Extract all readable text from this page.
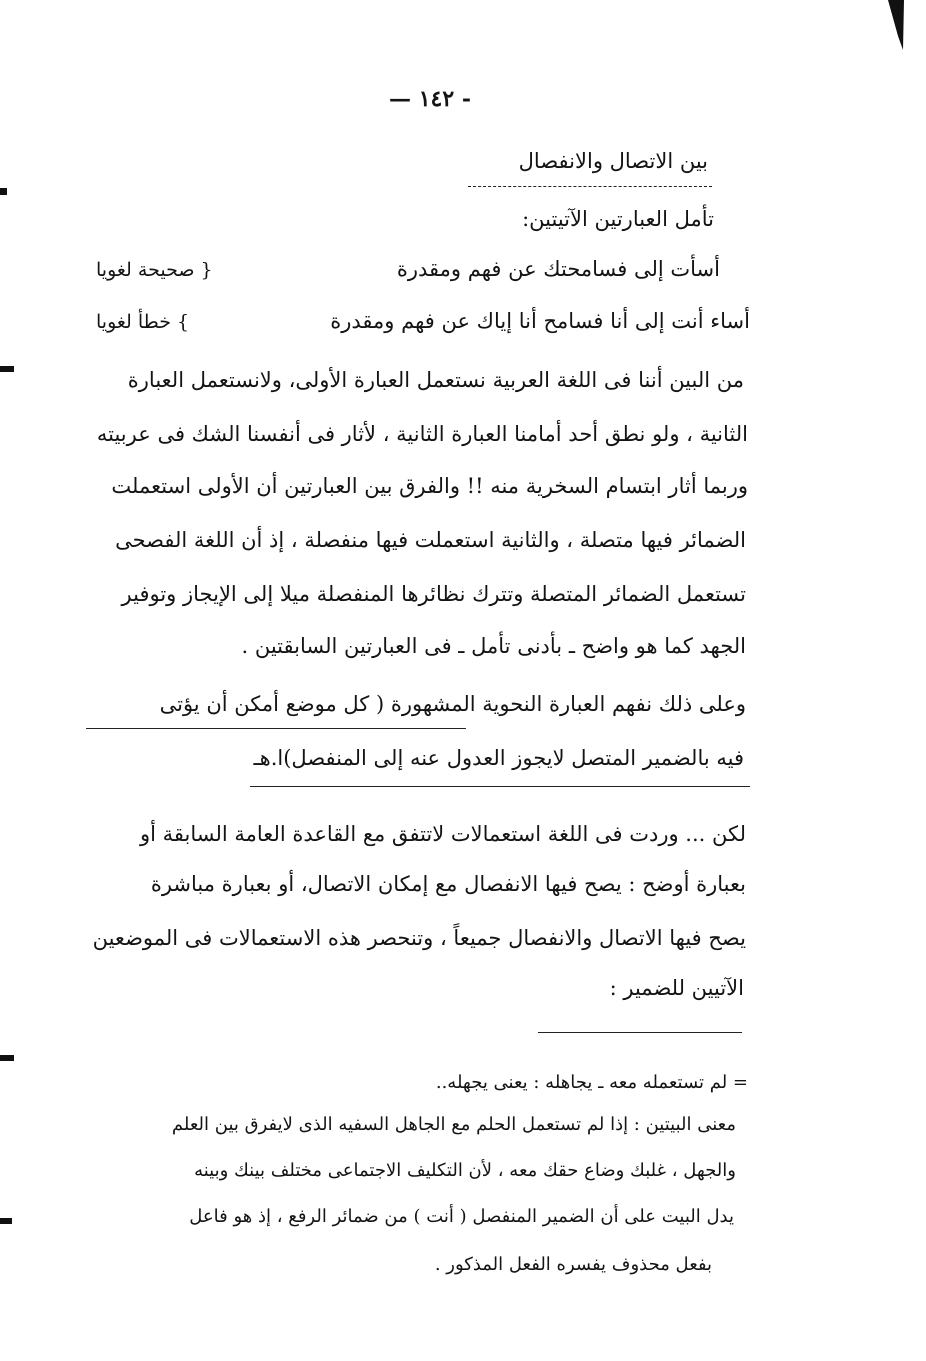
— ١٤٢ -
بين الاتصال والانفصال
تأمل العبارتين الآتيتين:
أسأت إلى فسامحتك عن فهم ومقدرة
{ صحيحة لغويا
أساء أنت إلى أنا فسامح أنا إياك عن فهم ومقدرة
} خطأ لغويا
من البين أننا فى اللغة العربية نستعمل العبارة الأولى، ولانستعمل العبارة
الثانية ، ولو نطق أحد أمامنا العبارة الثانية ، لأثار فى أنفسنا الشك فى عربيته
وربما أثار ابتسام السخرية منه !! والفرق بين العبارتين أن الأولى استعملت
الضمائر فيها متصلة ، والثانية استعملت فيها منفصلة ، إذ أن اللغة الفصحى
تستعمل الضمائر المتصلة وتترك نظائرها المنفصلة ميلا إلى الإيجاز وتوفير
الجهد كما هو واضح ـ بأدنى تأمل ـ فى العبارتين السابقتين .
وعلى ذلك نفهم العبارة النحوية المشهورة ( كل موضع أمكن أن يؤتى
فيه بالضمير المتصل لايجوز العدول عنه إلى المنفصل)ا.هـ
لكن ... وردت فى اللغة استعمالات لاتتفق مع القاعدة العامة السابقة أو
بعبارة أوضح : يصح فيها الانفصال مع إمكان الاتصال، أو بعبارة مباشرة
يصح فيها الاتصال والانفصال جميعاً ، وتنحصر هذه الاستعمالات فى الموضعين
الآتيين للضمير :
= لم تستعمله معه ـ يجاهله : يعنى يجهله..
معنى البيتين : إذا لم تستعمل الحلم مع الجاهل السفيه الذى لايفرق بين العلم
والجهل ، غلبك وضاع حقك معه ، لأن التكليف الاجتماعى مختلف بينك وبينه
يدل البيت على أن الضمير المنفصل ( أنت ) من ضمائر الرفع ، إذ هو فاعل
بفعل محذوف يفسره الفعل المذكور .
